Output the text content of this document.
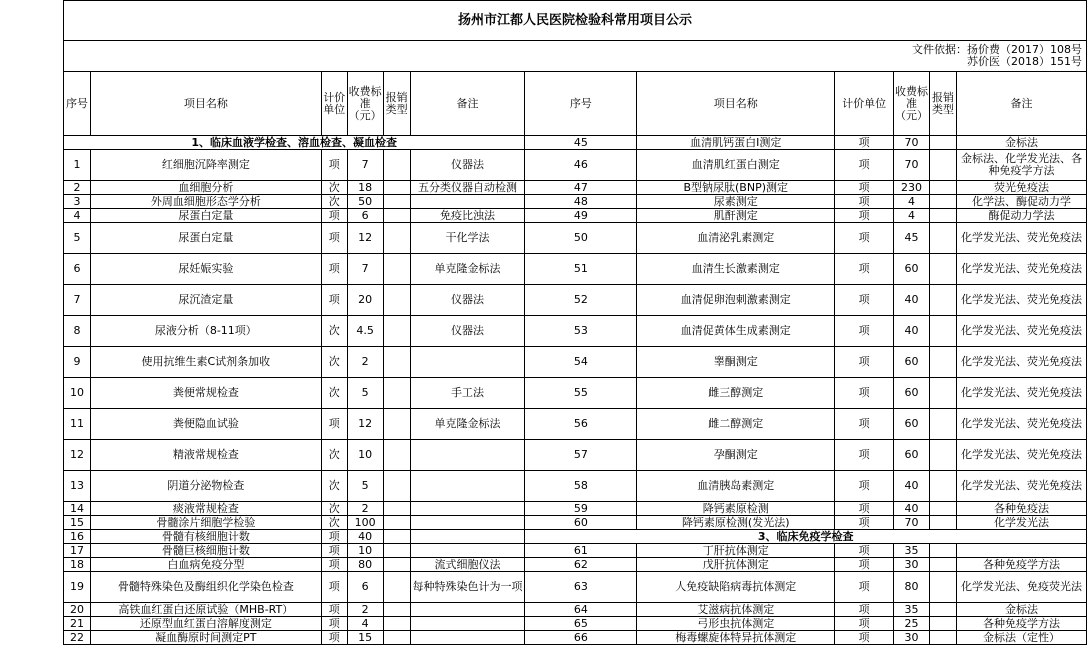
扬州市江都人民医院检验科常用项目公示											

文件依据：扬价费（2017）108号
苏价医（2018）151号											

序号	项目名称	计价单位	收费标准（元）	报销类型	备注	序号	项目名称	计价单位	收费标准（元）	报销类型	备注
1、临床血液学检查、溶血检查、凝血检查						45	血清肌钙蛋白Ⅰ测定	项	70		金标法
1	红细胞沉降率测定	项	7		仪器法	46	血清肌红蛋白测定	项	70		金标法、化学发光法、各种免疫学方法
2	血细胞分析	次	18		五分类仪器自动检测	47	B型钠尿肽(BNP)测定	项	230		荧光免疫法
3	外周血细胞形态学分析	次	50			48	尿素测定	项	4		化学法、酶促动力学
4	尿蛋白定量	项	6		免疫比浊法	49	肌酐测定	项	4		酶促动力学法
5	尿蛋白定量	项	12		干化学法	50	血清泌乳素测定	项	45		化学发光法、荧光免疫法
6	尿妊娠实验	项	7		单克隆金标法	51	血清生长激素测定	项	60		化学发光法、荧光免疫法
7	尿沉渣定量	项	20		仪器法	52	血清促卵泡刺激素测定	项	40		化学发光法、荧光免疫法
8	尿液分析（8-11项）	次	4.5		仪器法	53	血清促黄体生成素测定	项	40		化学发光法、荧光免疫法
9	使用抗维生素C试剂条加收	次	2			54	睾酮测定	项	60		化学发光法、荧光免疫法
10	粪便常规检查	次	5		手工法	55	雌三醇测定	项	60		化学发光法、荧光免疫法
11	粪便隐血试验	项	12		单克隆金标法	56	雌二醇测定	项	60		化学发光法、荧光免疫法
12	精液常规检查	次	10			57	孕酮测定	项	60		化学发光法、荧光免疫法
13	阴道分泌物检查	次	5			58	血清胰岛素测定	项	40		化学发光法、荧光免疫法
14	痰液常规检查	次	2			59	降钙素原检测	项	40		各种免疫法
15	骨髓涂片细胞学检验	次	100			60	降钙素原检测(发光法)	项	70		化学发光法
16	骨髓有核细胞计数	项	40			3、临床免疫学检查					
17	骨髓巨核细胞计数	项	10			61	丁肝抗体测定	项	35		
18	白血病免疫分型	项	80		流式细胞仪法	62	戊肝抗体测定	项	30		各种免疫学方法
19	骨髓特殊染色及酶组织化学染色检查	项	6		每种特殊染色计为一项	63	人免疫缺陷病毒抗体测定	项	80		化学发光法、免疫荧光法
20	高铁血红蛋白还原试验（MHB-RT）	项	2			64	艾滋病抗体测定	项	35		金标法
21	还原型血红蛋白溶解度测定	项	4			65	弓形虫抗体测定	项	25		各种免疫学方法
22	凝血酶原时间测定PT	项	15			66	梅毒螺旋体特异抗体测定	项	30		金标法（定性）
